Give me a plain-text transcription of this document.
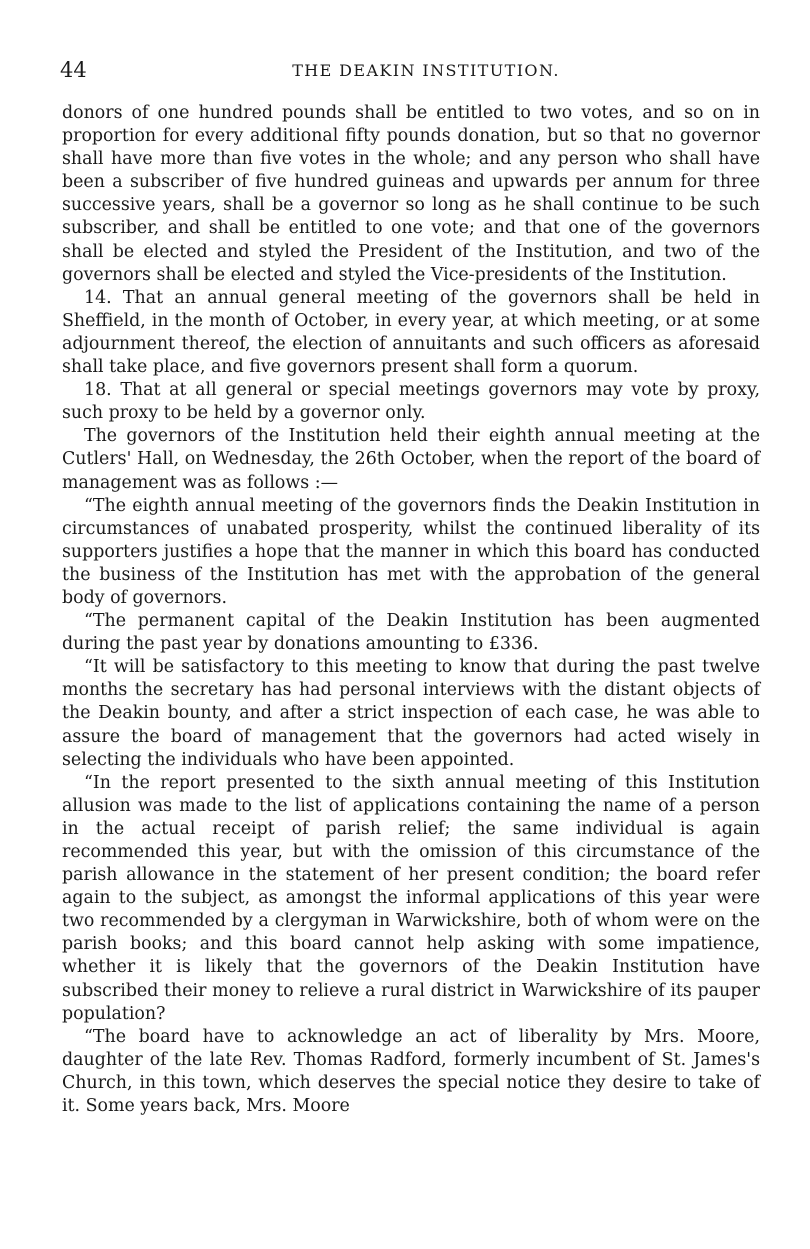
44	THE DEAKIN INSTITUTION.

donors of one hundred pounds shall be entitled to two votes, and so on in proportion for every additional fifty pounds donation, but so that no governor shall have more than five votes in the whole; and any person who shall have been a subscriber of five hundred guineas and upwards per annum for three successive years, shall be a governor so long as he shall continue to be such subscriber, and shall be entitled to one vote; and that one of the governors shall be elected and styled the President of the Institution, and two of the governors shall be elected and styled the Vice-presidents of the Institution.

14. That an annual general meeting of the governors shall be held in Sheffield, in the month of October, in every year, at which meeting, or at some adjournment thereof, the election of annuitants and such officers as aforesaid shall take place, and five governors present shall form a quorum.

18. That at all general or special meetings governors may vote by proxy, such proxy to be held by a governor only.

The governors of the Institution held their eighth annual meeting at the Cutlers' Hall, on Wednesday, the 26th October, when the report of the board of management was as follows :—

“The eighth annual meeting of the governors finds the Deakin Institution in circumstances of unabated prosperity, whilst the continued liberality of its supporters justifies a hope that the manner in which this board has conducted the business of the Institution has met with the approbation of the general body of governors.

“The permanent capital of the Deakin Institution has been augmented during the past year by donations amounting to £336.

“It will be satisfactory to this meeting to know that during the past twelve months the secretary has had personal interviews with the distant objects of the Deakin bounty, and after a strict inspection of each case, he was able to assure the board of management that the governors had acted wisely in selecting the individuals who have been appointed.

“In the report presented to the sixth annual meeting of this Institution allusion was made to the list of applications containing the name of a person in the actual receipt of parish relief; the same individual is again recommended this year, but with the omission of this circumstance of the parish allowance in the statement of her present condition; the board refer again to the subject, as amongst the informal applications of this year were two recommended by a clergyman in Warwickshire, both of whom were on the parish books; and this board cannot help asking with some impatience, whether it is likely that the governors of the Deakin Institution have subscribed their money to relieve a rural district in Warwickshire of its pauper population?

“The board have to acknowledge an act of liberality by Mrs. Moore, daughter of the late Rev. Thomas Radford, formerly incumbent of St. James's Church, in this town, which deserves the special notice they desire to take of it. Some years back, Mrs. Moore
